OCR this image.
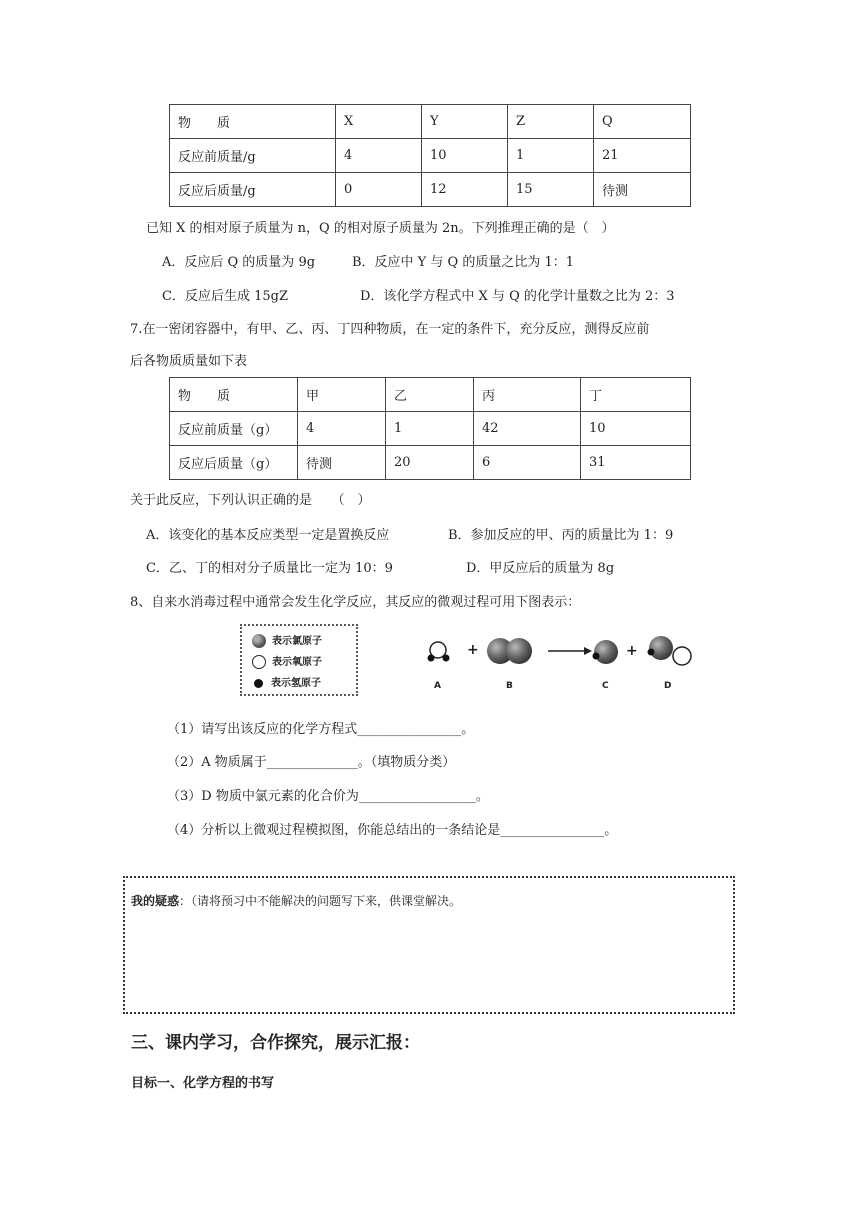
物　　质	X	Y	Z	Q
反应前质量/g	4	10	1	21
反应后质量/g	0	12	15	待测
已知 X 的相对原子质量为 n，Q 的相对原子质量为 2n。下列推理正确的是（　）
A．反应后 Q 的质量为 9g	B．反应中 Y 与 Q 的质量之比为 1：1
C．反应后生成 15gZ	D．该化学方程式中 X 与 Q 的化学计量数之比为 2：3
7.在一密闭容器中，有甲、乙、丙、丁四种物质，在一定的条件下，充分反应，测得反应前
后各物质质量如下表
物　　质	甲	乙	丙	丁
反应前质量（g）	4	1	42	10
反应后质量（g）	待测	20	6	31
关于此反应，下列认识正确的是　　（　）
A．该变化的基本反应类型一定是置换反应	B．参加反应的甲、丙的质量比为 1：9
C．乙、丁的相对分子质量比一定为 10：9	D．甲反应后的质量为 8g
8、自来水消毒过程中通常会发生化学反应，其反应的微观过程可用下图表示：
表示氯原子
表示氧原子
表示氢原子
+	+
A	B	C	D
（1）请写出该反应的化学方程式________________。
（2）A 物质属于______________。（填物质分类）
（3）D 物质中氯元素的化合价为__________________。
（4）分析以上微观过程模拟图，你能总结出的一条结论是________________。
我的疑惑：（请将预习中不能解决的问题写下来，供课堂解决。
三、课内学习，合作探究，展示汇报：
目标一、化学方程的书写
